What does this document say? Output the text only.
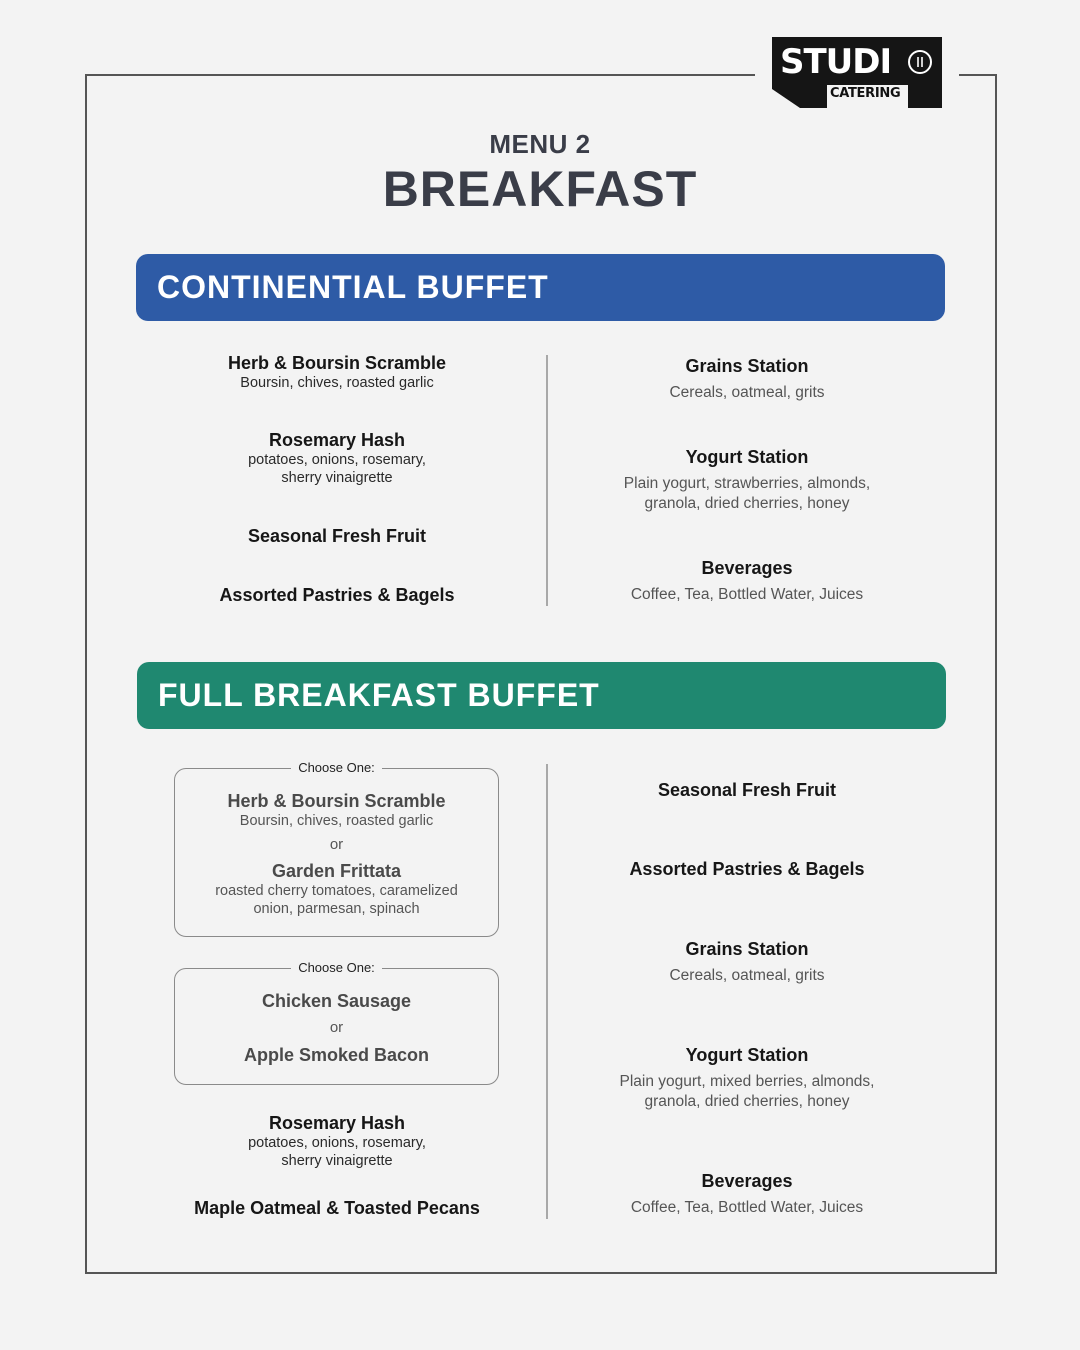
STUDI
CATERING
MENU 2
BREAKFAST
CONTINENTIAL BUFFET
Herb & Boursin Scramble
Boursin, chives, roasted garlic
Rosemary Hash
potatoes, onions, rosemary,
sherry vinaigrette
Seasonal Fresh Fruit
Assorted Pastries & Bagels
Grains Station
Cereals, oatmeal, grits
Yogurt Station
Plain yogurt, strawberries, almonds,
granola, dried cherries, honey
Beverages
Coffee, Tea, Bottled Water, Juices
FULL BREAKFAST BUFFET
Choose One:
Herb & Boursin Scramble
Boursin, chives, roasted garlic
or
Garden Frittata
roasted cherry tomatoes, caramelized
onion, parmesan, spinach
Choose One:
Chicken Sausage
or
Apple Smoked Bacon
Rosemary Hash
potatoes, onions, rosemary,
sherry vinaigrette
Maple Oatmeal & Toasted Pecans
Seasonal Fresh Fruit
Assorted Pastries & Bagels
Grains Station
Cereals, oatmeal, grits
Yogurt Station
Plain yogurt, mixed berries, almonds,
granola, dried cherries, honey
Beverages
Coffee, Tea, Bottled Water, Juices
